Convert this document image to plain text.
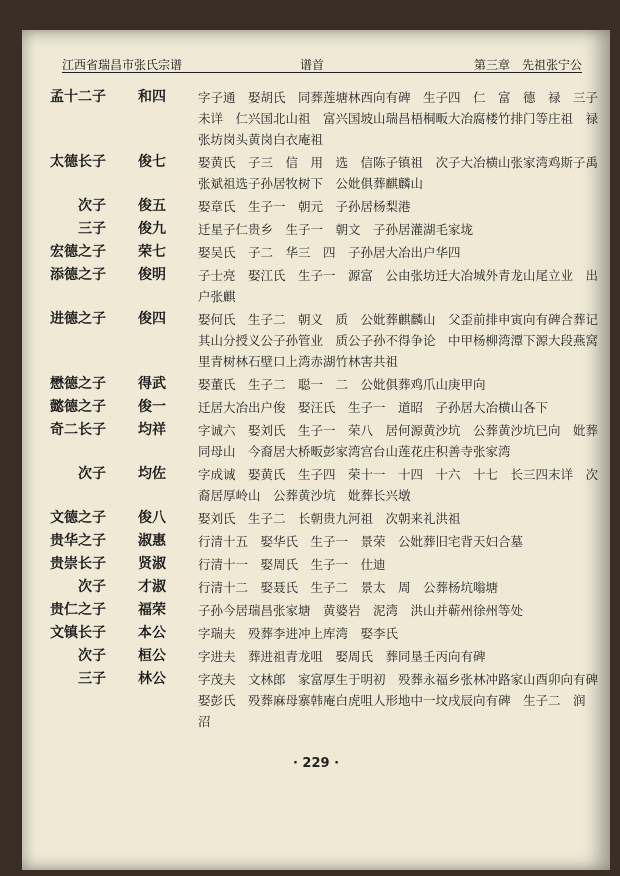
江西省瑞昌市张氏宗谱	谱首	第三章　先祖张宁公
孟十二子	和四	字子通　娶胡氏　同葬莲塘林西向有碑　生子四　仁　富　德　禄　三子未详　仁兴国北山祖　富兴国坡山瑞昌梧桐畈大冶腐楼竹排门等庄祖　禄张坊岗头黄岗白衣庵祖
太德长子	俊七	娶黄氏　子三　信　用　选　信陈子镇祖　次子大冶横山张家湾鸡斯子禹张斌祖选子孙居牧树下　公妣俱葬麒麟山
次子	俊五	娶章氏　生子一　朝元　子孙居杨梨港
三子	俊九	迁星子仁贵乡　生子一　朝文　子孙居灌湖毛家垅
宏德之子	荣七	娶吴氏　子二　华三　四　子孙居大冶出户华四
添德之子	俊明	子士亮　娶江氏　生子一　源富　公由张坊迁大冶城外青龙山尾立业　出户张麒
进德之子	俊四	娶何氏　生子二　朝义　质　公妣葬麒麟山　父歪前排申寅向有碑合葬记　其山分授义公子孙管业　质公子孙不得争论　中甲杨柳湾潭下源大段燕窝里青树林石壁口上湾赤湖竹林害共祖
懋德之子	得武	娶董氏　生子二　聪一　二　公妣俱葬鸡爪山庚甲向
懿德之子	俊一	迁居大冶出户俊　娶汪氏　生子一　道昭　子孙居大冶横山各下
奇二长子	均祥	字诚六　娶刘氏　生子一　荣八　居何源黄沙坑　公葬黄沙坑巳向　妣葬同母山　今裔居大桥畈彭家湾宫台山莲花庄积善寺张家湾
次子	均佐	字成诚　娶黄氏　生子四　荣十一　十四　十六　十七　长三四末详　次裔居厚岭山　公葬黄沙坑　妣葬长兴墩
文德之子	俊八	娶刘氏　生子二　长朝贵九河祖　次朝来礼洪祖
贵华之子	淑惠	行清十五　娶华氏　生子一　景荣　公妣葬旧宅背天妇合墓
贵崇长子	贤淑	行清十一　娶周氏　生子一　仕迪
次子	才淑	行清十二　娶聂氏　生子二　景太　周　公葬杨坑嗡塘
贵仁之子	福荣	子孙今居瑞昌张家塘　黄婆岩　泥湾　洪山并蕲州徐州等处
文镇长子	本公	字瑞夫　殁葬李进冲上库湾　娶李氏
次子	桓公	字进夫　葬进祖青龙咀　娶周氏　葬同垦壬丙向有碑
三子	林公	字茂夫　文林郎　家富厚生于明初　殁葬永福乡张林冲路家山酉卯向有碑　娶彭氏　殁葬麻母寨韩庵白虎咀人形地中一坟戌辰向有碑　生子二　润　沼
· 229 ·
